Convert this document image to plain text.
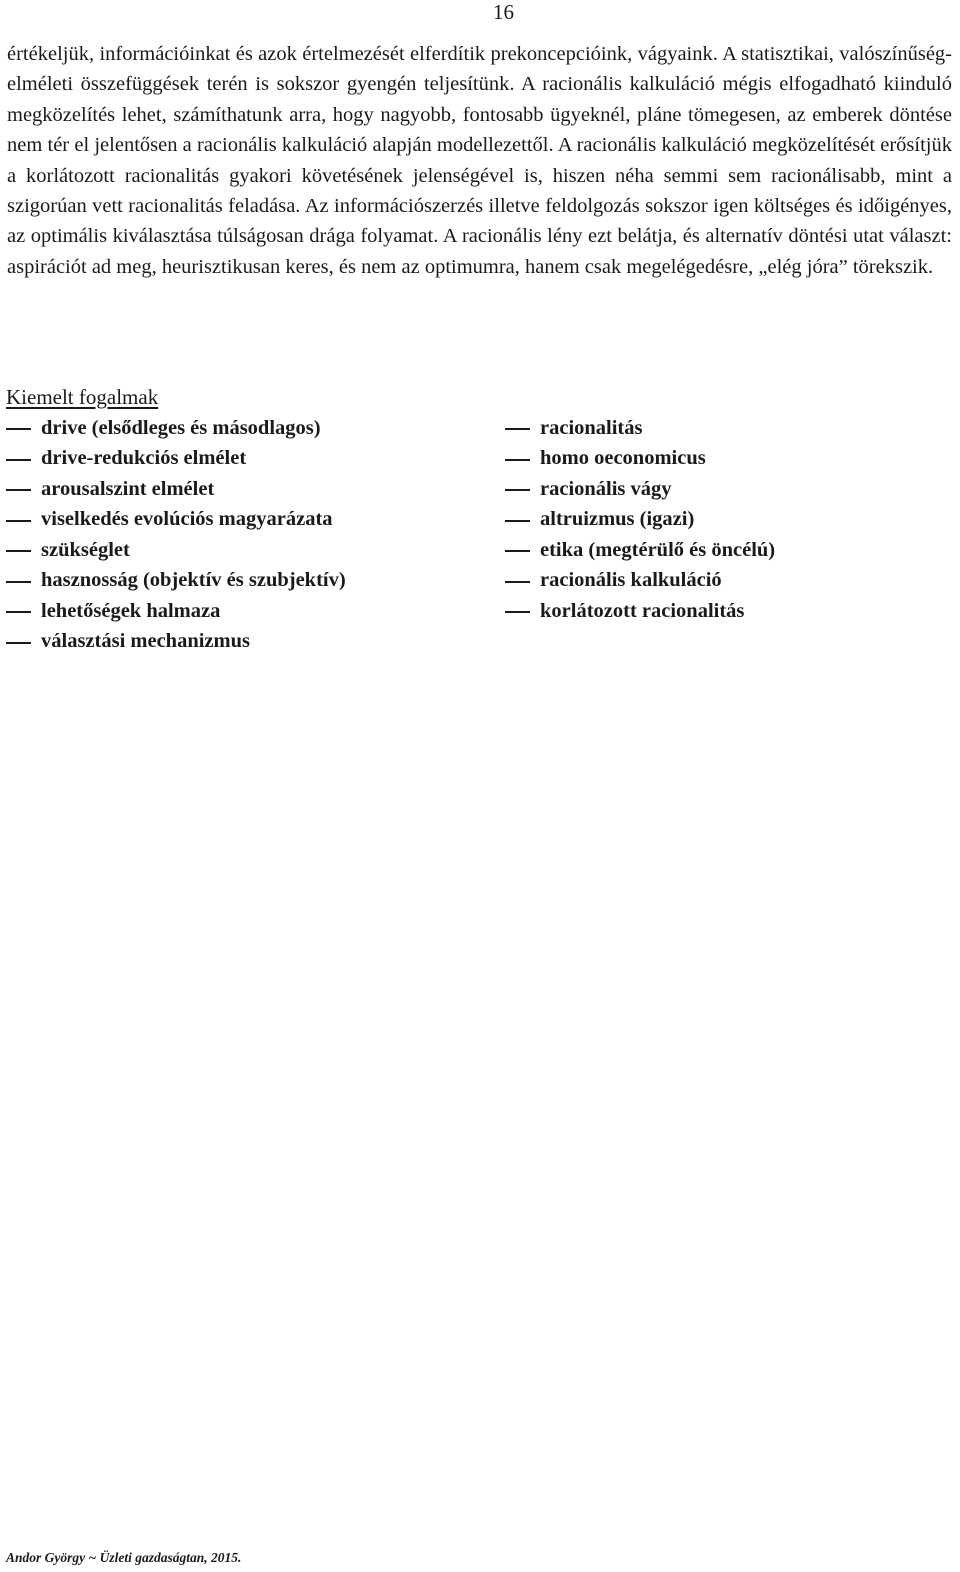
16

értékeljük, információinkat és azok értelmezését elferdítik prekoncepcióink, vágyaink. A statisztikai, valószínűség-elméleti összefüggések terén is sokszor gyengén teljesítünk. A racionális kalkuláció mégis elfogadható kiinduló megközelítés lehet, számíthatunk arra, hogy nagyobb, fontosabb ügyeknél, pláne tömegesen, az emberek döntése nem tér el jelentősen a racionális kalkuláció alapján modellezettől. A racionális kalkuláció megközelítését erősítjük a korlátozott racionalitás gyakori követésének jelenségével is, hiszen néha semmi sem racionálisabb, mint a szigorúan vett racionalitás feladása. Az információszerzés illetve feldolgozás sokszor igen költséges és időigényes, az optimális kiválasztása túlságosan drága folyamat. A racionális lény ezt belátja, és alternatív döntési utat választ: aspirációt ad meg, heurisztikusan keres, és nem az optimumra, hanem csak megelégedésre, „elég jóra” törekszik.

Kiemelt fogalmak
drive (elsődleges és másodlagos)
drive-redukciós elmélet
arousalszint elmélet
viselkedés evolúciós magyarázata
szükséglet
hasznosság (objektív és szubjektív)
lehetőségek halmaza
választási mechanizmus
racionalitás
homo oeconomicus
racionális vágy
altruizmus (igazi)
etika (megtérülő és öncélú)
racionális kalkuláció
korlátozott racionalitás
Andor György ~ Üzleti gazdaságtan, 2015.
